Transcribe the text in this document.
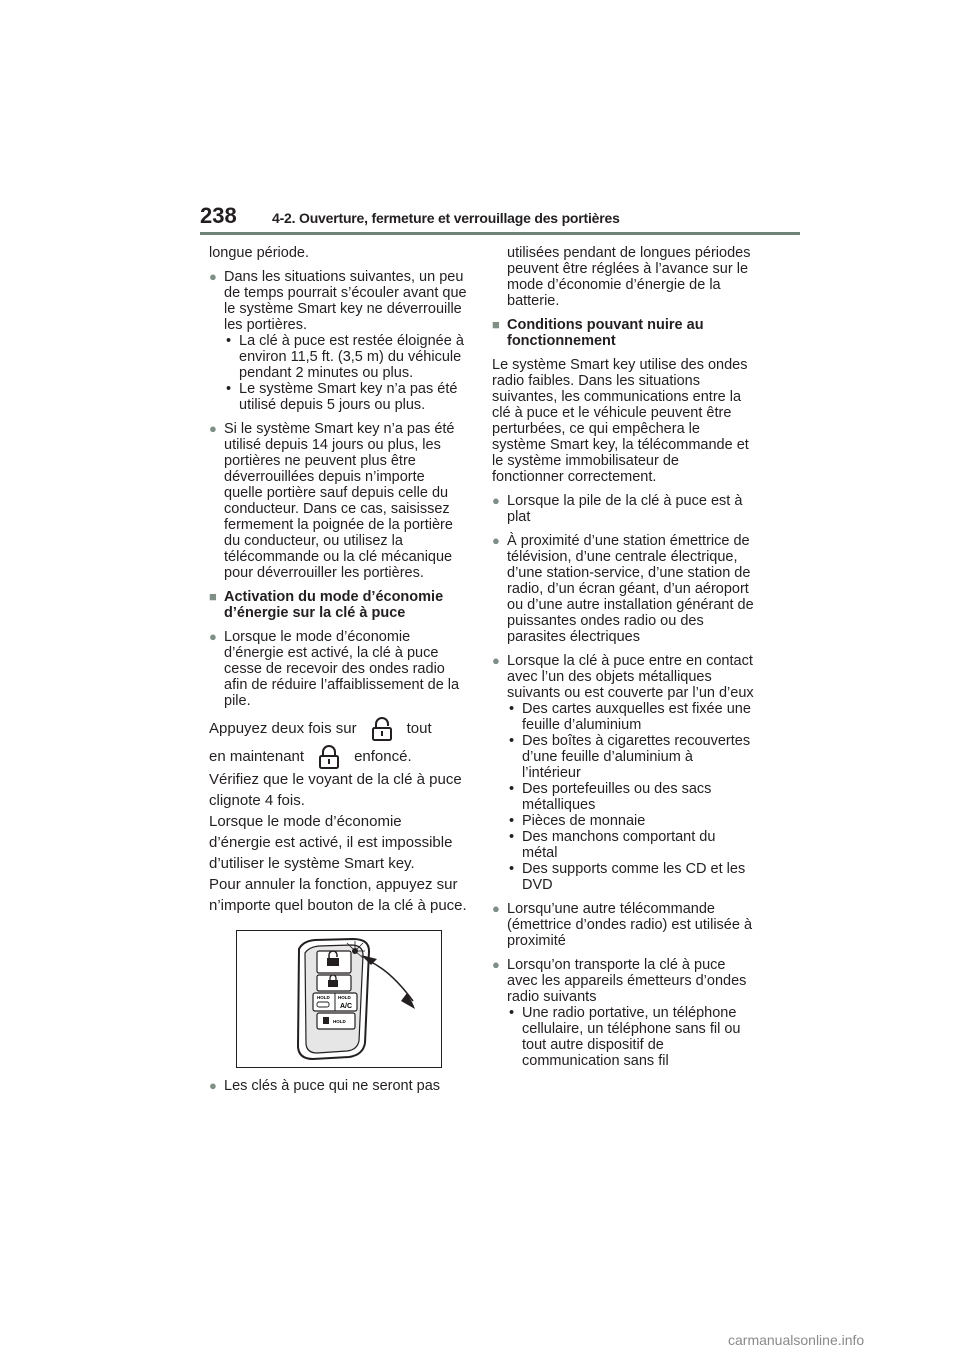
238	4-2. Ouverture, fermeture et verrouillage des portières

longue période.

● Dans les situations suivantes, un peu de temps pourrait s’écouler avant que le système Smart key ne déverrouille les portières.

• La clé à puce est restée éloignée à environ 11,5 ft. (3,5 m) du véhicule pendant 2 minutes ou plus.
• Le système Smart key n’a pas été utilisé depuis 5 jours ou plus.

● Si le système Smart key n’a pas été utilisé depuis 14 jours ou plus, les portières ne peuvent plus être déverrouillées depuis n’importe quelle portière sauf depuis celle du conducteur. Dans ce cas, saisissez fermement la poignée de la portière du conducteur, ou utilisez la télécommande ou la clé mécanique pour déverrouiller les portières.

■ Activation du mode d’économie d’énergie sur la clé à puce

● Lorsque le mode d’économie d’énergie est activé, la clé à puce cesse de recevoir des ondes radio afin de réduire l’affaiblissement de la pile.

Appuyez deux fois sur	tout

en maintenant	enfoncé.

Vérifiez que le voyant de la clé à puce clignote 4 fois.

Lorsque le mode d’économie d’énergie est activé, il est impossible d’utiliser le système Smart key.

Pour annuler la fonction, appuyez sur n’importe quel bouton de la clé à puce.

HOLD HOLD
A/C
HOLD

● Les clés à puce qui ne seront pas

utilisées pendant de longues périodes peuvent être réglées à l’avance sur le mode d’économie d’énergie de la batterie.

■ Conditions pouvant nuire au fonctionnement

Le système Smart key utilise des ondes radio faibles. Dans les situations suivantes, les communications entre la clé à puce et le véhicule peuvent être perturbées, ce qui empêchera le système Smart key, la télécommande et le système immobilisateur de fonctionner correctement.

● Lorsque la pile de la clé à puce est à plat

● À proximité d’une station émettrice de télévision, d’une centrale électrique, d’une station-service, d’une station de radio, d’un écran géant, d’un aéroport ou d’une autre installation générant de puissantes ondes radio ou des parasites électriques

● Lorsque la clé à puce entre en contact avec l’un des objets métalliques suivants ou est couverte par l’un d’eux

• Des cartes auxquelles est fixée une feuille d’aluminium
• Des boîtes à cigarettes recouvertes d’une feuille d’aluminium à l’intérieur
• Des portefeuilles ou des sacs métalliques
• Pièces de monnaie
• Des manchons comportant du métal
• Des supports comme les CD et les DVD

● Lorsqu’une autre télécommande (émettrice d’ondes radio) est utilisée à proximité

● Lorsqu’on transporte la clé à puce avec les appareils émetteurs d’ondes radio suivants

• Une radio portative, un téléphone cellulaire, un téléphone sans fil ou tout autre dispositif de communication sans fil
carmanualsonline.info
